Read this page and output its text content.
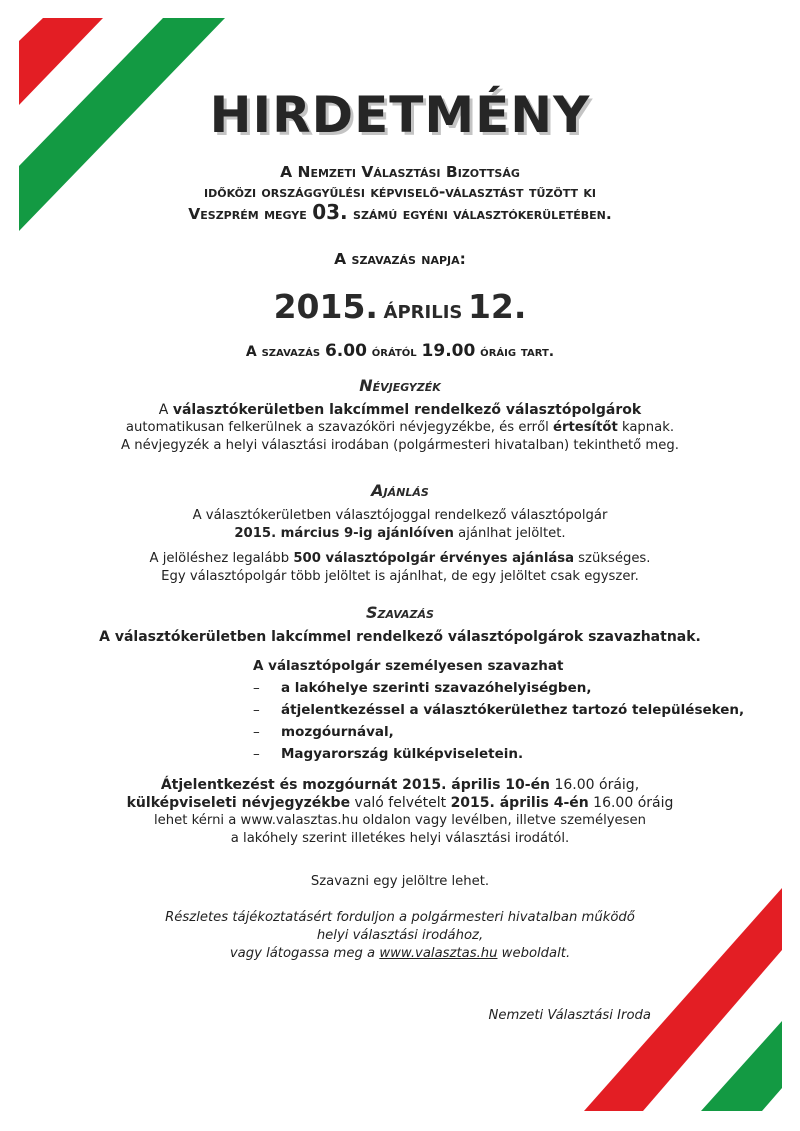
HIRDETMÉNY
A Nemzeti Választási Bizottság
időközi országgyűlési képviselő-választást tűzött ki
Veszprém megye 03. számú egyéni választókerületében.
A szavazás napja:
2015. április 12.
A szavazás 6.00 órától 19.00 óráig tart.
Névjegyzék
A választókerületben lakcímmel rendelkező választópolgárok
automatikusan felkerülnek a szavazóköri névjegyzékbe, és erről értesítőt kapnak.
A névjegyzék a helyi választási irodában (polgármesteri hivatalban) tekinthető meg.
Ajánlás
A választókerületben választójoggal rendelkező választópolgár
2015. március 9-ig ajánlóíven ajánlhat jelöltet.
A jelöléshez legalább 500 választópolgár érvényes ajánlása szükséges.
Egy választópolgár több jelöltet is ajánlhat, de egy jelöltet csak egyszer.
Szavazás
A választókerületben lakcímmel rendelkező választópolgárok szavazhatnak.
A választópolgár személyesen szavazhat
–	a lakóhelye szerinti szavazóhelyiségben,
–	átjelentkezéssel a választókerülethez tartozó településeken,
–	mozgóurnával,
–	Magyarország külképviseletein.
Átjelentkezést és mozgóurnát 2015. április 10-én 16.00 óráig,
külképviseleti névjegyzékbe való felvételt 2015. április 4-én 16.00 óráig
lehet kérni a www.valasztas.hu oldalon vagy levélben, illetve személyesen
a lakóhely szerint illetékes helyi választási irodától.
Szavazni egy jelöltre lehet.
Részletes tájékoztatásért forduljon a polgármesteri hivatalban működő
helyi választási irodához,
vagy látogassa meg a www.valasztas.hu weboldalt.
Nemzeti Választási Iroda
